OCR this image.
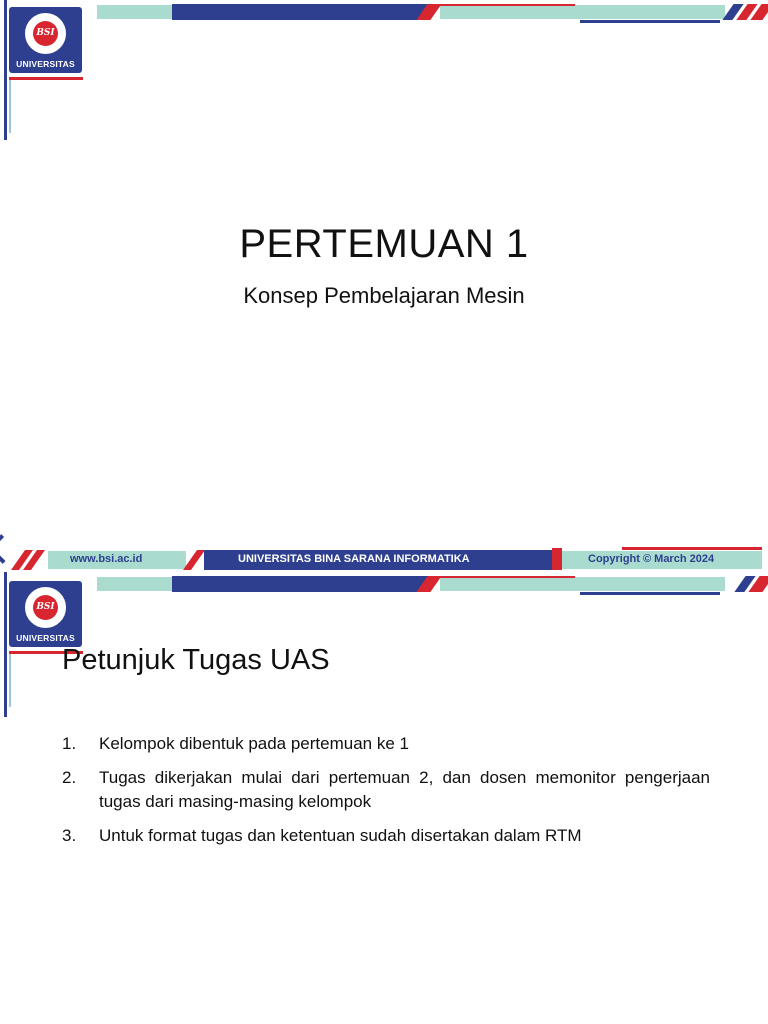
BSI
UNIVERSITAS
PERTEMUAN 1
Konsep Pembelajaran Mesin
www.bsi.ac.id	UNIVERSITAS BINA SARANA INFORMATIKA	Copyright © March 2024
BSI
UNIVERSITAS
Petunjuk Tugas UAS
1. Kelompok dibentuk pada pertemuan ke 1
2. Tugas dikerjakan mulai dari pertemuan 2, dan dosen memonitor pengerjaan tugas dari masing-masing kelompok
3. Untuk format tugas dan ketentuan sudah disertakan dalam RTM
